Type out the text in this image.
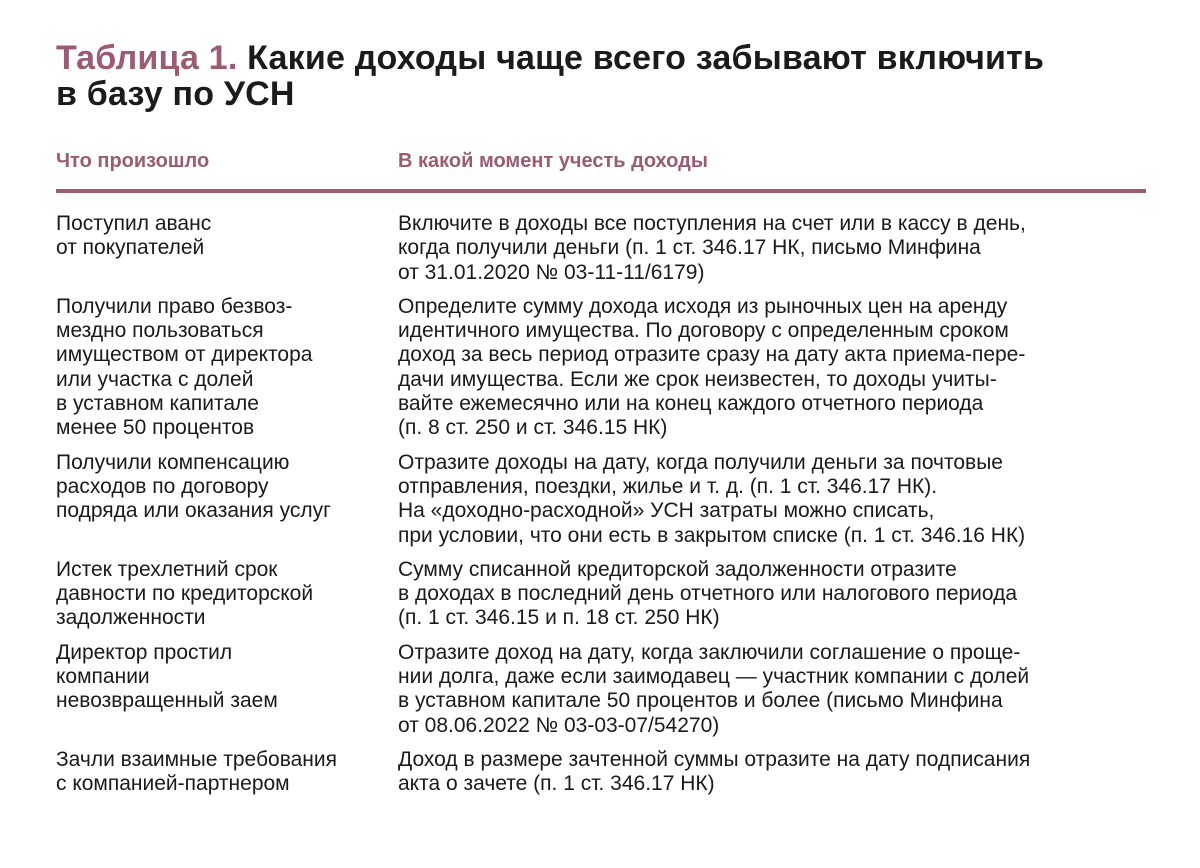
Таблица 1. Какие доходы чаще всего забывают включить
в базу по УСН
Что произошло	В какой момент учесть доходы
Поступил аванс
от покупателей
Включите в доходы все поступления на счет или в кассу в день,
когда получили деньги (п. 1 ст. 346.17 НК, письмо Минфина
от 31.01.2020 № 03-11-11/6179)
Получили право безвоз-
мездно пользоваться
имуществом от директора
или участка с долей
в уставном капитале
менее 50 процентов
Определите сумму дохода исходя из рыночных цен на аренду
идентичного имущества. По договору с определенным сроком
доход за весь период отразите сразу на дату акта приема-пере-
дачи имущества. Если же срок неизвестен, то доходы учиты-
вайте ежемесячно или на конец каждого отчетного периода
(п. 8 ст. 250 и ст. 346.15 НК)
Получили компенсацию
расходов по договору
подряда или оказания услуг
Отразите доходы на дату, когда получили деньги за почтовые
отправления, поездки, жилье и т. д. (п. 1 ст. 346.17 НК).
На «доходно-расходной» УСН затраты можно списать,
при условии, что они есть в закрытом списке (п. 1 ст. 346.16 НК)
Истек трехлетний срок
давности по кредиторской
задолженности
Сумму списанной кредиторской задолженности отразите
в доходах в последний день отчетного или налогового периода
(п. 1 ст. 346.15 и п. 18 ст. 250 НК)
Директор простил
компании
невозвращенный заем
Отразите доход на дату, когда заключили соглашение о проще-
нии долга, даже если заимодавец — участник компании с долей
в уставном капитале 50 процентов и более (письмо Минфина
от 08.06.2022 № 03-03-07/54270)
Зачли взаимные требования
с компанией-партнером
Доход в размере зачтенной суммы отразите на дату подписания
акта о зачете (п. 1 ст. 346.17 НК)
